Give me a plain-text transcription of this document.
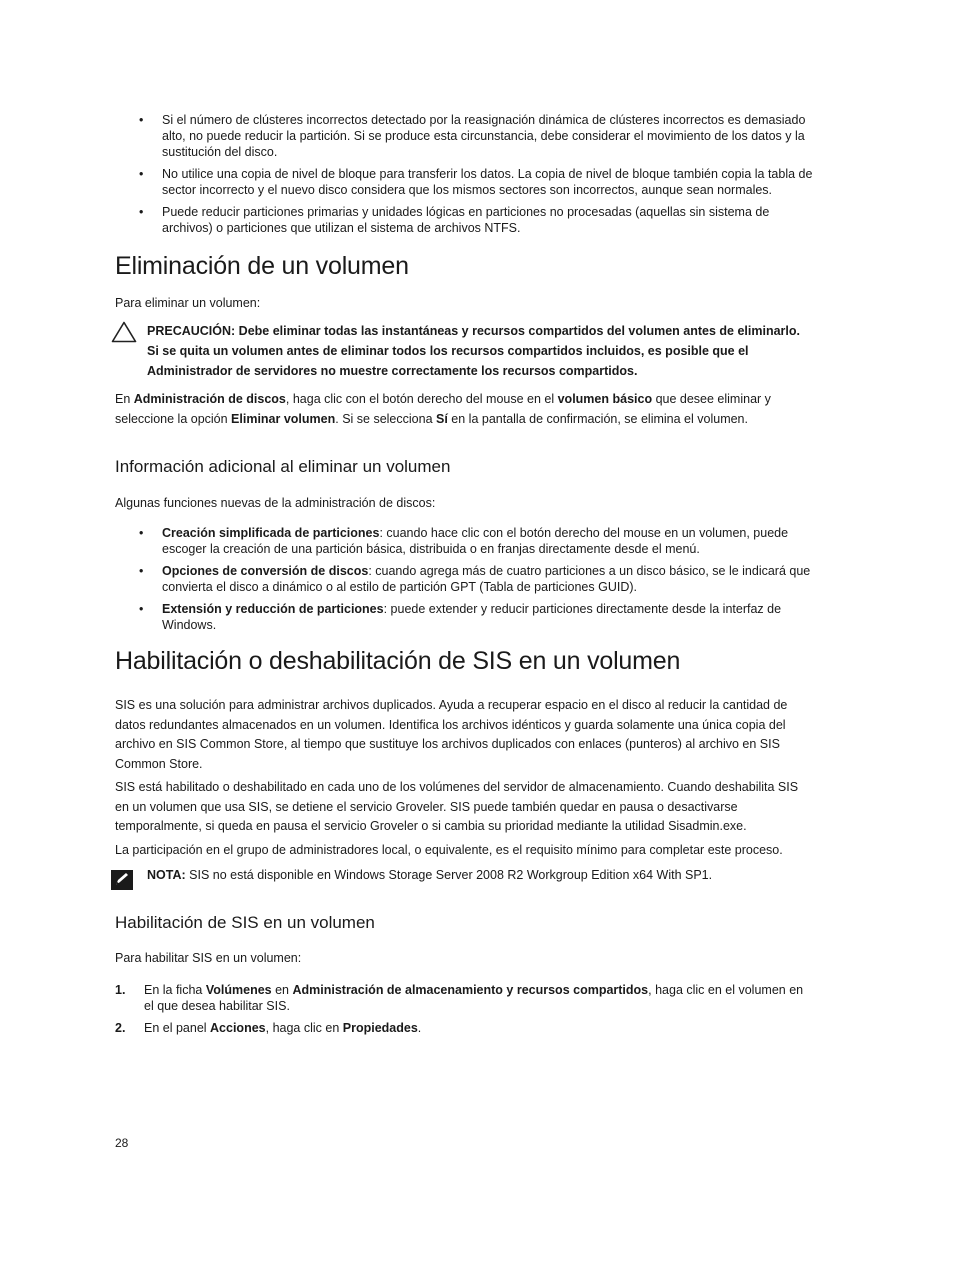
• Si el número de clústeres incorrectos detectado por la reasignación dinámica de clústeres incorrectos es demasiado alto, no puede reducir la partición. Si se produce esta circunstancia, debe considerar el movimiento de los datos y la sustitución del disco.
• No utilice una copia de nivel de bloque para transferir los datos. La copia de nivel de bloque también copia la tabla de sector incorrecto y el nuevo disco considera que los mismos sectores son incorrectos, aunque sean normales.
• Puede reducir particiones primarias y unidades lógicas en particiones no procesadas (aquellas sin sistema de archivos) o particiones que utilizan el sistema de archivos NTFS.
Eliminación de un volumen

Para eliminar un volumen:

PRECAUCIÓN: Debe eliminar todas las instantáneas y recursos compartidos del volumen antes de eliminarlo. Si se quita un volumen antes de eliminar todos los recursos compartidos incluidos, es posible que el Administrador de servidores no muestre correctamente los recursos compartidos.

En Administración de discos, haga clic con el botón derecho del mouse en el volumen básico que desee eliminar y seleccione la opción Eliminar volumen. Si se selecciona Sí en la pantalla de confirmación, se elimina el volumen.

Información adicional al eliminar un volumen

Algunas funciones nuevas de la administración de discos:

• Creación simplificada de particiones: cuando hace clic con el botón derecho del mouse en un volumen, puede escoger la creación de una partición básica, distribuida o en franjas directamente desde el menú.
• Opciones de conversión de discos: cuando agrega más de cuatro particiones a un disco básico, se le indicará que convierta el disco a dinámico o al estilo de partición GPT (Tabla de particiones GUID).
• Extensión y reducción de particiones: puede extender y reducir particiones directamente desde la interfaz de Windows.
Habilitación o deshabilitación de SIS en un volumen

SIS es una solución para administrar archivos duplicados. Ayuda a recuperar espacio en el disco al reducir la cantidad de datos redundantes almacenados en un volumen. Identifica los archivos idénticos y guarda solamente una única copia del archivo en SIS Common Store, al tiempo que sustituye los archivos duplicados con enlaces (punteros) al archivo en SIS Common Store.

SIS está habilitado o deshabilitado en cada uno de los volúmenes del servidor de almacenamiento. Cuando deshabilita SIS en un volumen que usa SIS, se detiene el servicio Groveler. SIS puede también quedar en pausa o desactivarse temporalmente, si queda en pausa el servicio Groveler o si cambia su prioridad mediante la utilidad Sisadmin.exe.

La participación en el grupo de administradores local, o equivalente, es el requisito mínimo para completar este proceso.

NOTA: SIS no está disponible en Windows Storage Server 2008 R2 Workgroup Edition x64 With SP1.
Habilitación de SIS en un volumen

Para habilitar SIS en un volumen:

1. En la ficha Volúmenes en Administración de almacenamiento y recursos compartidos, haga clic en el volumen en el que desea habilitar SIS.
2. En el panel Acciones, haga clic en Propiedades.
28
